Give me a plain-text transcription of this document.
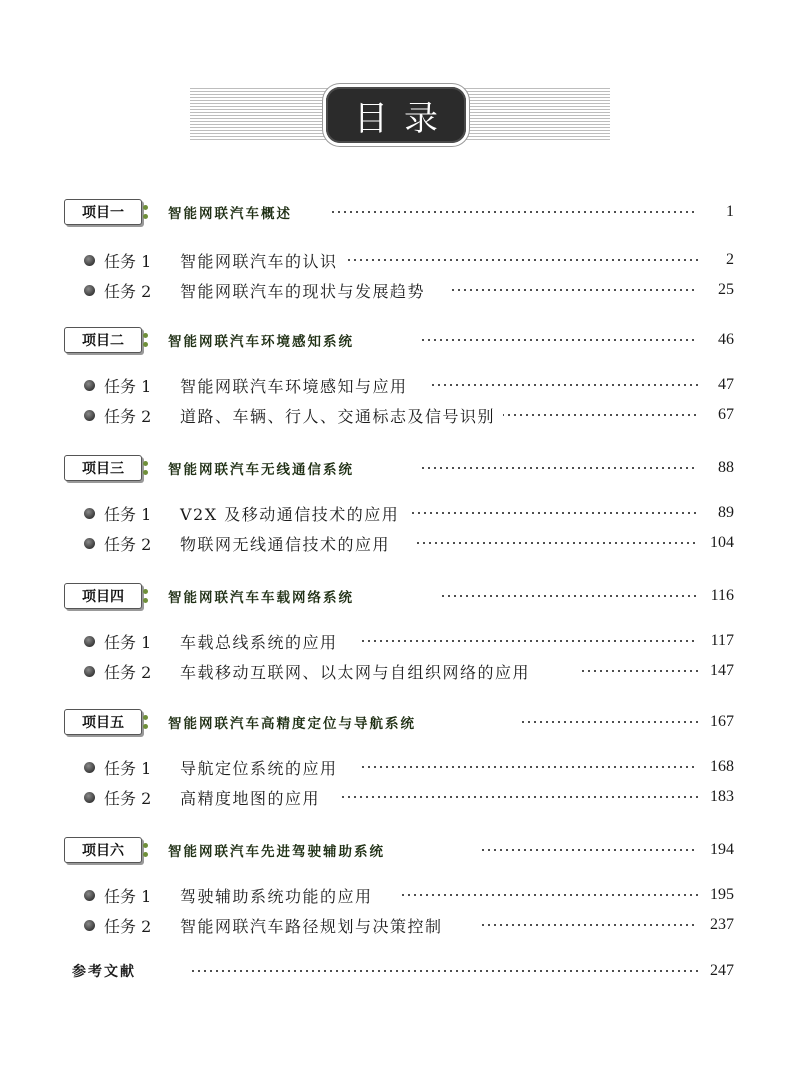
目录
项目一	智能网联汽车概述	1
任务 1 智能网联汽车的认识	2
任务 2 智能网联汽车的现状与发展趋势	25
项目二	智能网联汽车环境感知系统	46
任务 1 智能网联汽车环境感知与应用	47
任务 2 道路、车辆、行人、交通标志及信号识别	67
项目三	智能网联汽车无线通信系统	88
任务 1 V2X 及移动通信技术的应用	89
任务 2 物联网无线通信技术的应用	104
项目四	智能网联汽车车载网络系统	116
任务 1 车载总线系统的应用	117
任务 2 车载移动互联网、以太网与自组织网络的应用	147
项目五	智能网联汽车高精度定位与导航系统	167
任务 1 导航定位系统的应用	168
任务 2 高精度地图的应用	183
项目六	智能网联汽车先进驾驶辅助系统	194
任务 1 驾驶辅助系统功能的应用	195
任务 2 智能网联汽车路径规划与决策控制	237
参考文献	247
